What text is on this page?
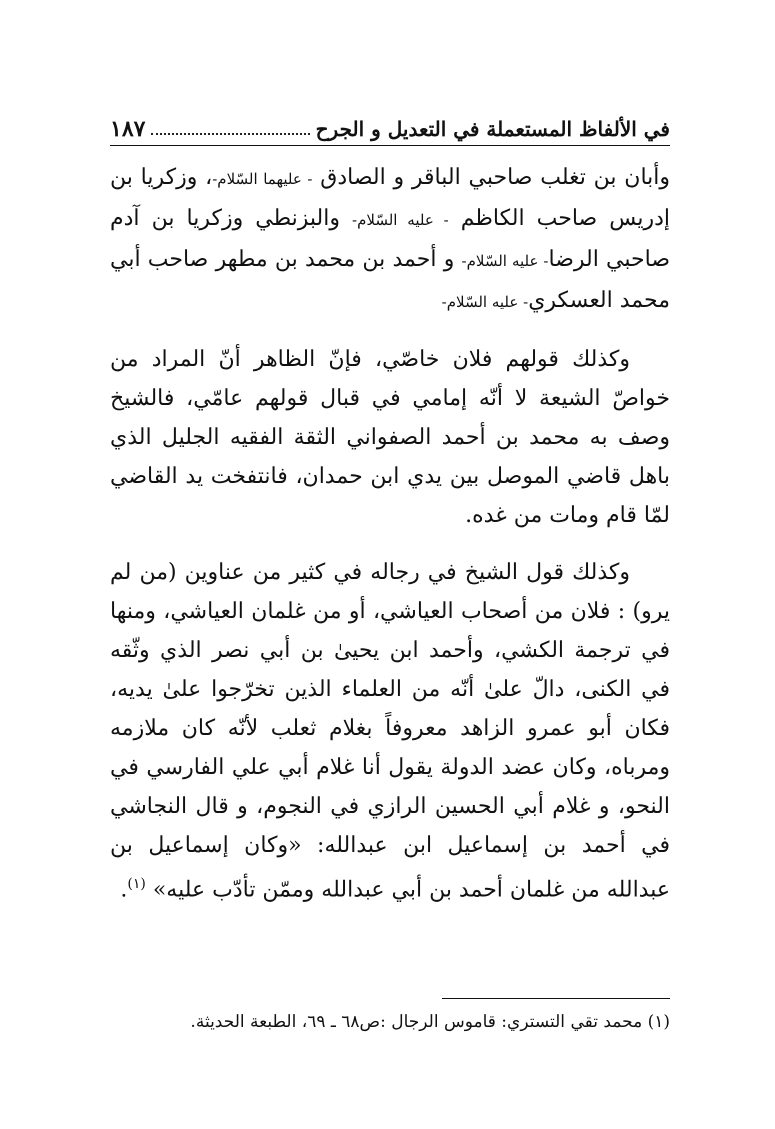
في الألفاظ المستعملة في التعديل و الجرح
١٨٧

وأبان بن تغلب صاحبي الباقر و الصادق - عليهما السّلام-، وزكريا بن إدريس صاحب الكاظم - عليه السّلام- والبزنطي وزكريا بن آدم صاحبي الرضا- عليه السّلام- و أحمد بن محمد بن مطهر صاحب أبي محمد العسكري- عليه السّلام-

وكذلك قولهم فلان خاصّي، فإنّ الظاهر أنّ المراد من خواصّ الشيعة لا أنّه إمامي في قبال قولهم عامّي، فالشيخ وصف به محمد بن أحمد الصفواني الثقة الفقيه الجليل الذي باهل قاضي الموصل بين يدي ابن حمدان، فانتفخت يد القاضي لمّا قام ومات من غده.

وكذلك قول الشيخ في رجاله في كثير من عناوين (من لم يرو) : فلان من أصحاب العياشي، أو من غلمان العياشي، ومنها في ترجمة الكشي، وأحمد ابن يحيىٰ بن أبي نصر الذي وثّقه في الكنى، دالّ علىٰ أنّه من العلماء الذين تخرّجوا علىٰ يديه، فكان أبو عمرو الزاهد معروفاً بغلام ثعلب لأنّه كان ملازمه ومرباه، وكان عضد الدولة يقول أنا غلام أبي علي الفارسي في النحو، و غلام أبي الحسين الرازي في النجوم، و قال النجاشي في أحمد بن إسماعيل ابن عبدالله: «وكان إسماعيل بن عبدالله من غلمان أحمد بن أبي عبدالله وممّن تأدّب عليه» $^{(١)}$.

(١) محمد تقي التستري: قاموس الرجال :ص٦٨ ـ ٦٩، الطبعة الحديثة.
